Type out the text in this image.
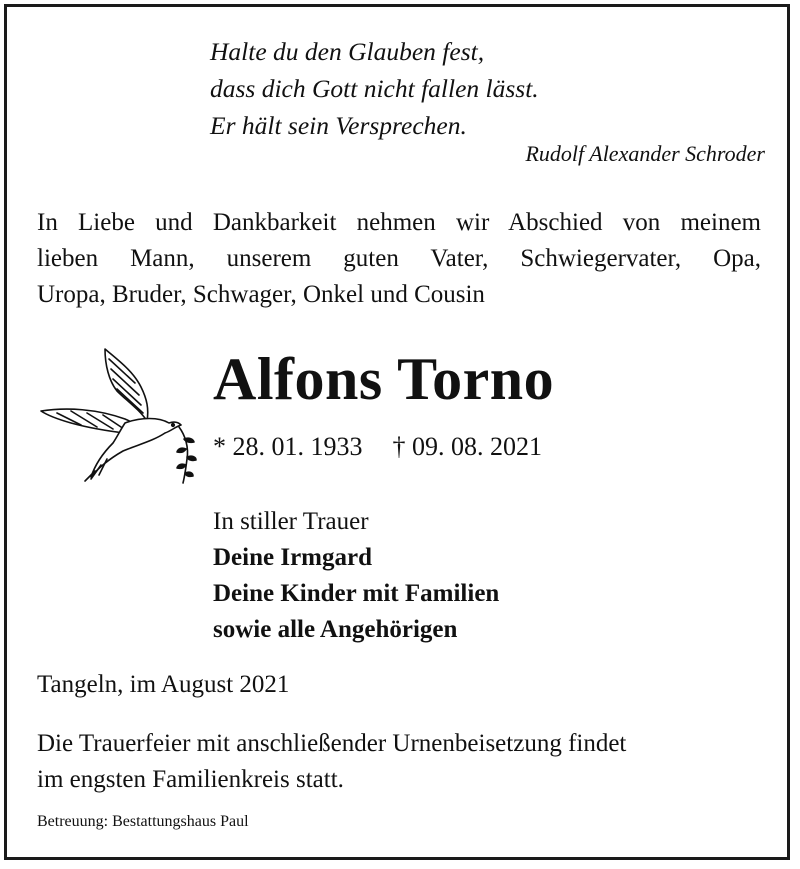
Halte du den Glauben fest,
dass dich Gott nicht fallen lässt.
Er hält sein Versprechen.
Rudolf Alexander Schroder
In Liebe und Dankbarkeit nehmen wir Abschied von meinem
lieben Mann, unserem guten Vater, Schwiegervater, Opa,
Uropa, Bruder, Schwager, Onkel und Cousin
Alfons Torno
* 28. 01. 1933 † 09. 08. 2021
In stiller Trauer
Deine Irmgard
Deine Kinder mit Familien
sowie alle Angehörigen
Tangeln, im August 2021
Die Trauerfeier mit anschließender Urnenbeisetzung findet
im engsten Familienkreis statt.
Betreuung: Bestattungshaus Paul
